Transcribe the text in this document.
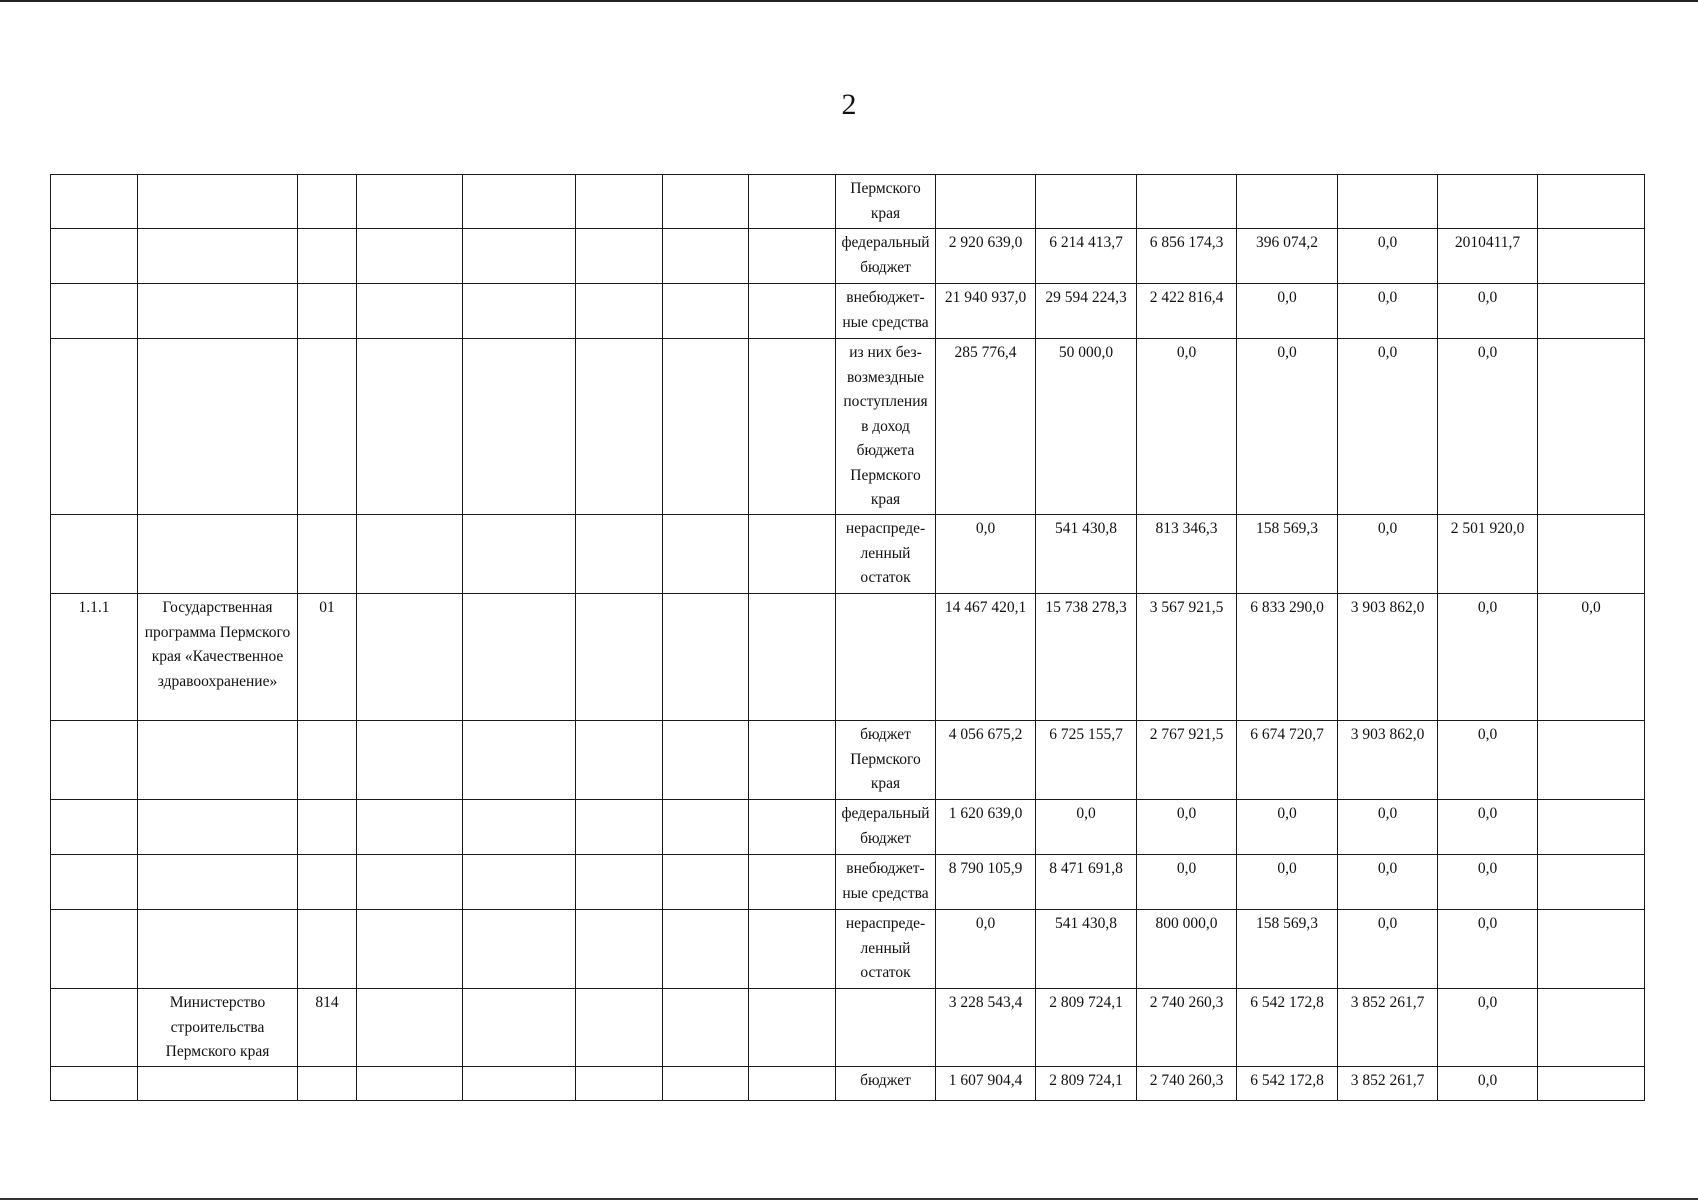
2
								Пермского края							
								федеральный бюджет	2 920 639,0	6 214 413,7	6 856 174,3	396 074,2	0,0	2010411,7	
								внебюджет-ные средства	21 940 937,0	29 594 224,3	2 422 816,4	0,0	0,0	0,0	
								из них без-возмездные поступления в доход бюджета Пермского края	285 776,4	50 000,0	0,0	0,0	0,0	0,0	
								нераспреде-ленный остаток	0,0	541 430,8	813 346,3	158 569,3	0,0	2 501 920,0	
1.1.1	Государственная программа Пермского края «Качественное здравоохранение»	01							14 467 420,1	15 738 278,3	3 567 921,5	6 833 290,0	3 903 862,0	0,0	0,0
								бюджет Пермского края	4 056 675,2	6 725 155,7	2 767 921,5	6 674 720,7	3 903 862,0	0,0	
								федеральный бюджет	1 620 639,0	0,0	0,0	0,0	0,0	0,0	
								внебюджет-ные средства	8 790 105,9	8 471 691,8	0,0	0,0	0,0	0,0	
								нераспреде-ленный остаток	0,0	541 430,8	800 000,0	158 569,3	0,0	0,0	
	Министерство строительства Пермского края	814							3 228 543,4	2 809 724,1	2 740 260,3	6 542 172,8	3 852 261,7	0,0	
								бюджет	1 607 904,4	2 809 724,1	2 740 260,3	6 542 172,8	3 852 261,7	0,0	
